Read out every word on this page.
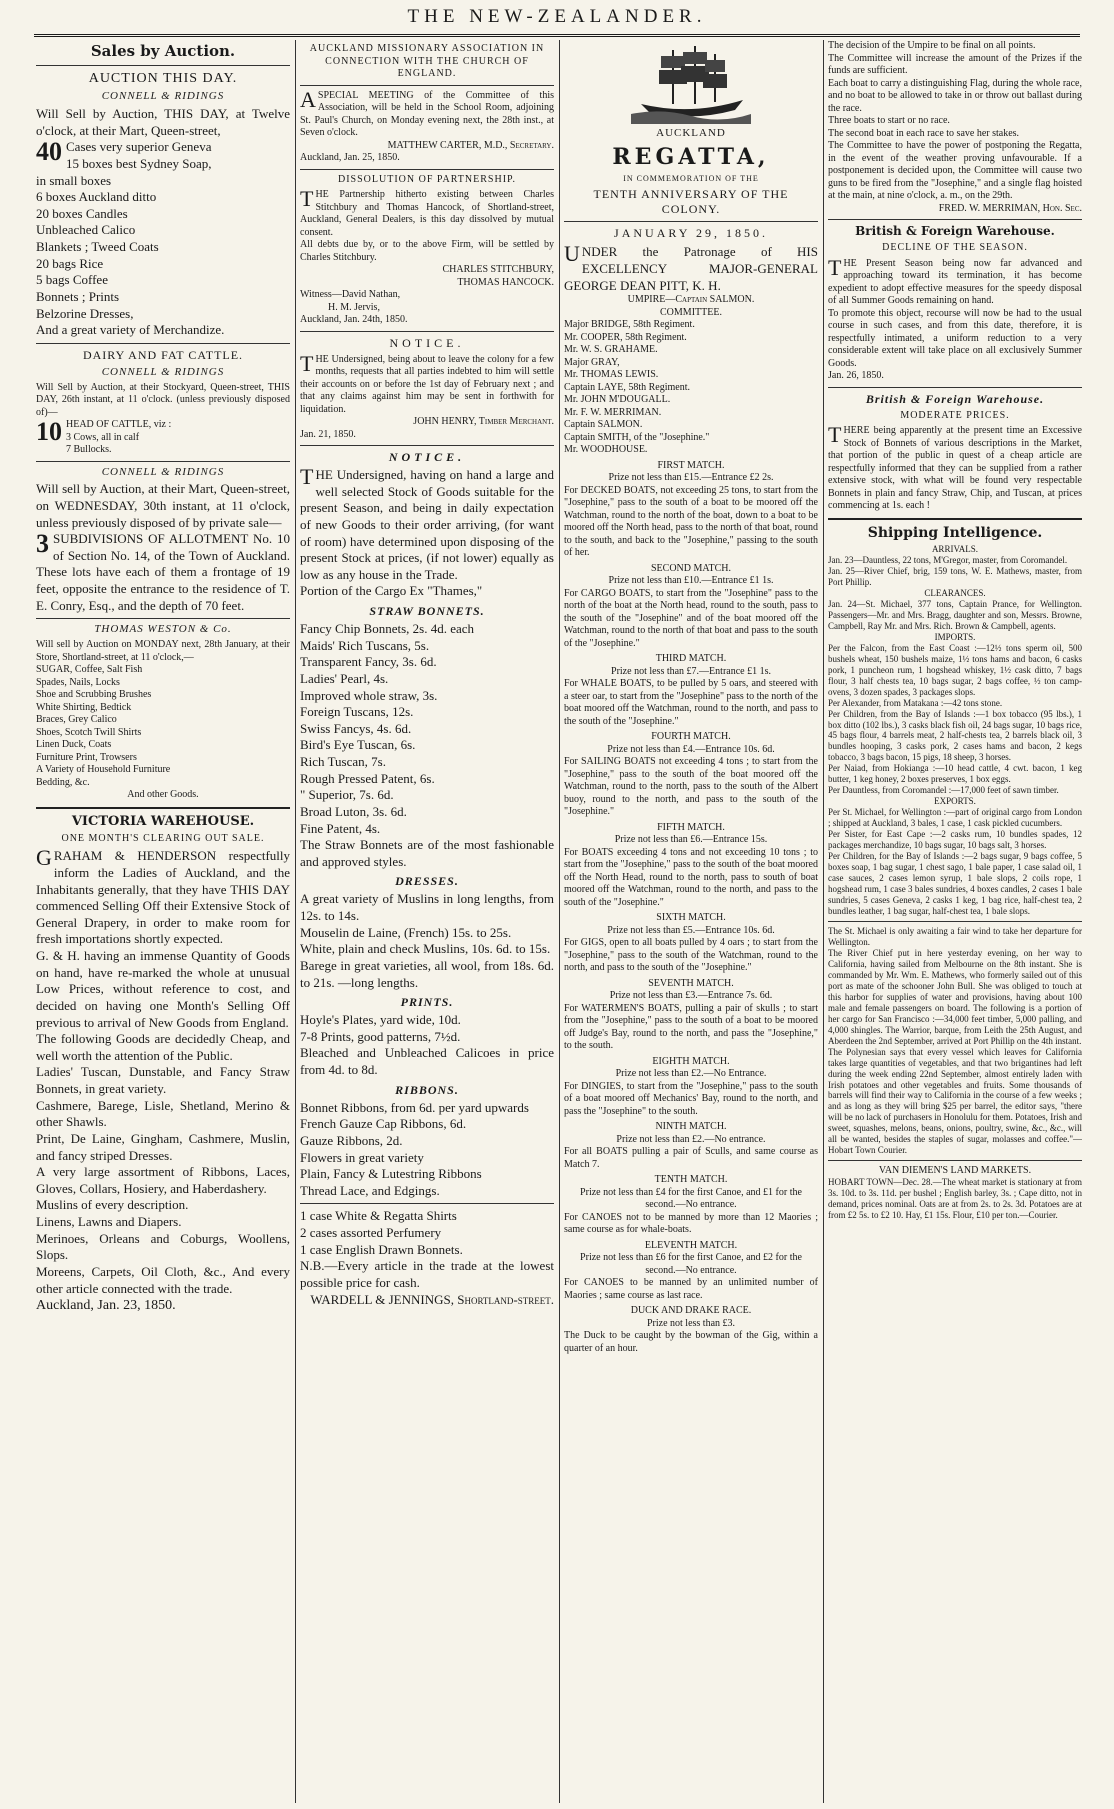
THE NEW-ZEALANDER.
Sales by Auction.
AUCTION THIS DAY.
CONNELL & RIDINGS

Will Sell by Auction, THIS DAY, at Twelve o'clock, at their Mart, Queen-street,

40 Cases very superior Geneva
15 boxes best Sydney Soap,
in small boxes
6 boxes Auckland ditto
20 boxes Candles
Unbleached Calico
Blankets ; Tweed Coats
20 bags Rice
5 bags Coffee
Bonnets ; Prints
Belzorine Dresses,
And a great variety of Merchandize.
DAIRY AND FAT CATTLE.
CONNELL & RIDINGS

Will Sell by Auction, at their Stockyard, Queen-street, THIS DAY, 26th instant, at 11 o'clock. (unless previously disposed of)—

10 HEAD OF CATTLE, viz :
3 Cows, all in calf
7 Bullocks.
CONNELL & RIDINGS

Will sell by Auction, at their Mart, Queen-street, on WEDNESDAY, 30th instant, at 11 o'clock, unless previously disposed of by private sale—

3 SUBDIVISIONS OF ALLOTMENT No. 10 of Section No. 14, of the Town of Auckland. These lots have each of them a frontage of 19 feet, opposite the entrance to the residence of T. E. Conry, Esq., and the depth of 70 feet.

THOMAS WESTON & Co.

Will sell by Auction on MONDAY next, 28th January, at their Store, Shortland-street, at 11 o'clock,—

SUGAR, Coffee, Salt Fish
Spades, Nails, Locks
Shoe and Scrubbing Brushes
White Shirting, Bedtick
Braces, Grey Calico
Shoes, Scotch Twill Shirts
Linen Duck, Coats
Furniture Print, Trowsers
A Variety of Household Furniture
Bedding, &c.

And other Goods.

VICTORIA WAREHOUSE.
ONE MONTH'S CLEARING OUT SALE.

GRAHAM & HENDERSON respectfully inform the Ladies of Auckland, and the Inhabitants generally, that they have THIS DAY commenced Selling Off their Extensive Stock of General Drapery, in order to make room for fresh importations shortly expected.

G. & H. having an immense Quantity of Goods on hand, have re-marked the whole at unusual Low Prices, without reference to cost, and decided on having one Month's Selling Off previous to arrival of New Goods from England.

The following Goods are decidedly Cheap, and well worth the attention of the Public.

Ladies' Tuscan, Dunstable, and Fancy Straw Bonnets, in great variety.
Cashmere, Barege, Lisle, Shetland, Merino & other Shawls.
Print, De Laine, Gingham, Cashmere, Muslin, and fancy striped Dresses.
A very large assortment of Ribbons, Laces, Gloves, Collars, Hosiery, and Haberdashery.
Muslins of every description.
Linens, Lawns and Diapers.
Merinoes, Orleans and Coburgs, Woollens, Slops.
Moreens, Carpets, Oil Cloth, &c., And every other article connected with the trade.

Auckland, Jan. 23, 1850.

AUCKLAND MISSIONARY ASSOCIATION IN CONNECTION WITH THE CHURCH OF ENGLAND.

ASPECIAL MEETING of the Committee of this Association, will be held in the School Room, adjoining St. Paul's Church, on Monday evening next, the 28th inst., at Seven o'clock.

MATTHEW CARTER, M.D., Secretary.

Auckland, Jan. 25, 1850.

DISSOLUTION OF PARTNERSHIP.

THE Partnership hitherto existing between Charles Stitchbury and Thomas Hancock, of Shortland-street, Auckland, General Dealers, is this day dissolved by mutual consent.

All debts due by, or to the above Firm, will be settled by Charles Stitchbury.

CHARLES STITCHBURY,

THOMAS HANCOCK.

Witness—David Nathan,

H. M. Jervis,

Auckland, Jan. 24th, 1850.

NOTICE.

THE Undersigned, being about to leave the colony for a few months, requests that all parties indebted to him will settle their accounts on or before the 1st day of February next ; and that any claims against him may be sent in forthwith for liquidation.

JOHN HENRY, Timber Merchant.

Jan. 21, 1850.

NOTICE.

THE Undersigned, having on hand a large and well selected Stock of Goods suitable for the present Season, and being in daily expectation of new Goods to their order arriving, (for want of room) have determined upon disposing of the present Stock at prices, (if not lower) equally as low as any house in the Trade.

Portion of the Cargo Ex "Thames,"

STRAW BONNETS.
Fancy Chip Bonnets, 2s. 4d. each
Maids' Rich Tuscans, 5s.
Transparent Fancy, 3s. 6d.
Ladies' Pearl, 4s.
Improved whole straw, 3s.
Foreign Tuscans, 12s.
Swiss Fancys, 4s. 6d.
Bird's Eye Tuscan, 6s.
Rich Tuscan, 7s.
Rough Pressed Patent, 6s.
" Superior, 7s. 6d.
Broad Luton, 3s. 6d.
Fine Patent, 4s.

The Straw Bonnets are of the most fashionable and approved styles.

DRESSES.
A great variety of Muslins in long lengths, from 12s. to 14s.
Mouselin de Laine, (French) 15s. to 25s.
White, plain and check Muslins, 10s. 6d. to 15s.
Barege in great varieties, all wool, from 18s. 6d. to 21s. —long lengths.
PRINTS.
Hoyle's Plates, yard wide, 10d.
7-8 Prints, good patterns, 7½d.
Bleached and Unbleached Calicoes in price from 4d. to 8d.
RIBBONS.
Bonnet Ribbons, from 6d. per yard upwards
French Gauze Cap Ribbons, 6d.
Gauze Ribbons, 2d.
Flowers in great variety
Plain, Fancy & Lutestring Ribbons
Thread Lace, and Edgings.
1 case White & Regatta Shirts
2 cases assorted Perfumery
1 case English Drawn Bonnets.

N.B.—Every article in the trade at the lowest possible price for cash.

WARDELL & JENNINGS, Shortland-street.

AUCKLAND
REGATTA,
IN COMMEMORATION OF THE
TENTH ANNIVERSARY OF THE COLONY.
JANUARY 29, 1850.

UNDER the Patronage of HIS EXCELLENCY MAJOR-GENERAL GEORGE DEAN PITT, K. H.

UMPIRE—Captain SALMON.

COMMITTEE.

Major BRIDGE, 58th Regiment.
Mr. COOPER, 58th Regiment.
Mr. W. S. GRAHAME.
Major GRAY,
Mr. THOMAS LEWIS.
Captain LAYE, 58th Regiment.
Mr. JOHN M'DOUGALL.
Mr. F. W. MERRIMAN.
Captain SALMON.
Captain SMITH, of the "Josephine."
Mr. WOODHOUSE.

FIRST MATCH.

Prize not less than £15.—Entrance £2 2s.

For DECKED BOATS, not exceeding 25 tons, to start from the "Josephine," pass to the south of a boat to be moored off the Watchman, round to the north of the boat, down to a boat to be moored off the North head, pass to the north of that boat, round to the south, and back to the "Josephine," passing to the south of her.

SECOND MATCH.

Prize not less than £10.—Entrance £1 1s.

For CARGO BOATS, to start from the "Josephine" pass to the north of the boat at the North head, round to the south, pass to the south of the "Josephine" and of the boat moored off the Watchman, round to the north of that boat and pass to the south of the "Josephine."

THIRD MATCH.

Prize not less than £7.—Entrance £1 1s.

For WHALE BOATS, to be pulled by 5 oars, and steered with a steer oar, to start from the "Josephine" pass to the north of the boat moored off the Watchman, round to the north, and pass to the south of the "Josephine."

FOURTH MATCH.

Prize not less than £4.—Entrance 10s. 6d.

For SAILING BOATS not exceeding 4 tons ; to start from the "Josephine," pass to the south of the boat moored off the Watchman, round to the north, pass to the south of the Albert buoy, round to the north, and pass to the south of the "Josephine."

FIFTH MATCH.

Prize not less than £6.—Entrance 15s.

For BOATS exceeding 4 tons and not exceeding 10 tons ; to start from the "Josephine," pass to the south of the boat moored off the North Head, round to the north, pass to south of boat moored off the Watchman, round to the north, and pass to the south of the "Josephine."

SIXTH MATCH.

Prize not less than £5.—Entrance 10s. 6d.

For GIGS, open to all boats pulled by 4 oars ; to start from the "Josephine," pass to the south of the Watchman, round to the north, and pass to the south of the "Josephine."

SEVENTH MATCH.

Prize not less than £3.—Entrance 7s. 6d.

For WATERMEN'S BOATS, pulling a pair of skulls ; to start from the "Josephine," pass to the south of a boat to be moored off Judge's Bay, round to the north, and pass the "Josephine," to the south.

EIGHTH MATCH.

Prize not less than £2.—No Entrance.

For DINGIES, to start from the "Josephine," pass to the south of a boat moored off Mechanics' Bay, round to the north, and pass the "Josephine" to the south.

NINTH MATCH.

Prize not less than £2.—No entrance.

For all BOATS pulling a pair of Sculls, and same course as Match 7.

TENTH MATCH.

Prize not less than £4 for the first Canoe, and £1 for the second.—No entrance.

For CANOES not to be manned by more than 12 Maories ; same course as for whale-boats.

ELEVENTH MATCH.

Prize not less than £6 for the first Canoe, and £2 for the second.—No entrance.

For CANOES to be manned by an unlimited number of Maories ; same course as last race.

DUCK AND DRAKE RACE.

Prize not less than £3.

The Duck to be caught by the bowman of the Gig, within a quarter of an hour.

The decision of the Umpire to be final on all points.

The Committee will increase the amount of the Prizes if the funds are sufficient.

Each boat to carry a distinguishing Flag, during the whole race, and no boat to be allowed to take in or throw out ballast during the race.

Three boats to start or no race.

The second boat in each race to save her stakes.

The Committee to have the power of postponing the Regatta, in the event of the weather proving unfavourable. If a postponement is decided upon, the Committee will cause two guns to be fired from the "Josephine," and a single flag hoisted at the main, at nine o'clock, a. m., on the 29th.

FRED. W. MERRIMAN, Hon. Sec.

British & Foreign Warehouse.
DECLINE OF THE SEASON.

THE Present Season being now far advanced and approaching toward its termination, it has become expedient to adopt effective measures for the speedy disposal of all Summer Goods remaining on hand.

To promote this object, recourse will now be had to the usual course in such cases, and from this date, therefore, it is respectfully intimated, a uniform reduction to a very considerable extent will take place on all exclusively Summer Goods.

Jan. 26, 1850.

British & Foreign Warehouse.
MODERATE PRICES.

THERE being apparently at the present time an Excessive Stock of Bonnets of various descriptions in the Market, that portion of the public in quest of a cheap article are respectfully informed that they can be supplied from a rather extensive stock, with what will be found very respectable Bonnets in plain and fancy Straw, Chip, and Tuscan, at prices commencing at 1s. each !

Shipping Intelligence.

ARRIVALS.

Jan. 23—Dauntless, 22 tons, M'Gregor, master, from Coromandel.
Jan. 25—River Chief, brig, 159 tons, W. E. Mathews, master, from Port Phillip.

CLEARANCES.

Jan. 24—St. Michael, 377 tons, Captain Prance, for Wellington. Passengers—Mr. and Mrs. Bragg, daughter and son, Messrs. Browne, Campbell, Ray Mr. and Mrs. Rich. Brown & Campbell, agents.

IMPORTS.

Per the Falcon, from the East Coast :—12½ tons sperm oil, 500 bushels wheat, 150 bushels maize, 1½ tons hams and bacon, 6 casks pork, 1 puncheon rum, 1 hogshead whiskey, 1½ cask ditto, 7 bags flour, 3 half chests tea, 10 bags sugar, 2 bags coffee, ½ ton camp-ovens, 3 dozen spades, 3 packages slops.
Per Alexander, from Matakana :—42 tons stone.
Per Children, from the Bay of Islands :—1 box tobacco (95 lbs.), 1 box ditto (102 lbs.), 3 casks black fish oil, 24 bags sugar, 10 bags rice, 45 bags flour, 4 barrels meat, 2 half-chests tea, 2 barrels black oil, 3 bundles hooping, 3 casks pork, 2 cases hams and bacon, 2 kegs tobacco, 3 bags bacon, 15 pigs, 18 sheep, 3 horses.
Per Naiad, from Hokianga :—10 head cattle, 4 cwt. bacon, 1 keg butter, 1 keg honey, 2 boxes preserves, 1 box eggs.
Per Dauntless, from Coromandel :—17,000 feet of sawn timber.

EXPORTS.

Per St. Michael, for Wellington :—part of original cargo from London ; shipped at Auckland, 3 bales, 1 case, 1 cask pickled cucumbers.
Per Sister, for East Cape :—2 casks rum, 10 bundles spades, 12 packages merchandize, 10 bags sugar, 10 bags salt, 3 horses.
Per Children, for the Bay of Islands :—2 bags sugar, 9 bags coffee, 5 boxes soap, 1 bag sugar, 1 chest sago, 1 bale paper, 1 case salad oil, 1 case sauces, 2 cases lemon syrup, 1 bale slops, 2 coils rope, 1 hogshead rum, 1 case 3 bales sundries, 4 boxes candles, 2 cases 1 bale sundries, 5 cases Geneva, 2 casks 1 keg, 1 bag rice, half-chest tea, 2 bundles leather, 1 bag sugar, half-chest tea, 1 bale slops.

The St. Michael is only awaiting a fair wind to take her departure for Wellington.

The River Chief put in here yesterday evening, on her way to California, having sailed from Melbourne on the 8th instant. She is commanded by Mr. Wm. E. Mathews, who formerly sailed out of this port as mate of the schooner John Bull. She was obliged to touch at this harbor for supplies of water and provisions, having about 100 male and female passengers on board. The following is a portion of her cargo for San Francisco :—34,000 feet timber, 5,000 palling, and 4,000 shingles. The Warrior, barque, from Leith the 25th August, and Aberdeen the 2nd September, arrived at Port Phillip on the 4th instant.

The Polynesian says that every vessel which leaves for California takes large quantities of vegetables, and that two brigantines had left during the week ending 22nd September, almost entirely laden with Irish potatoes and other vegetables and fruits. Some thousands of barrels will find their way to California in the course of a few weeks ; and as long as they will bring $25 per barrel, the editor says, "there will be no lack of purchasers in Honolulu for them. Potatoes, Irish and sweet, squashes, melons, beans, onions, poultry, swine, &c., &c., will all be wanted, besides the staples of sugar, molasses and coffee."—Hobart Town Courier.

VAN DIEMEN'S LAND MARKETS.

HOBART TOWN—Dec. 28.—The wheat market is stationary at from 3s. 10d. to 3s. 11d. per bushel ; English barley, 3s. ; Cape ditto, not in demand, prices nominal. Oats are at from 2s. to 2s. 3d. Potatoes are at from £2 5s. to £2 10. Hay, £1 15s. Flour, £10 per ton.—Courier.
